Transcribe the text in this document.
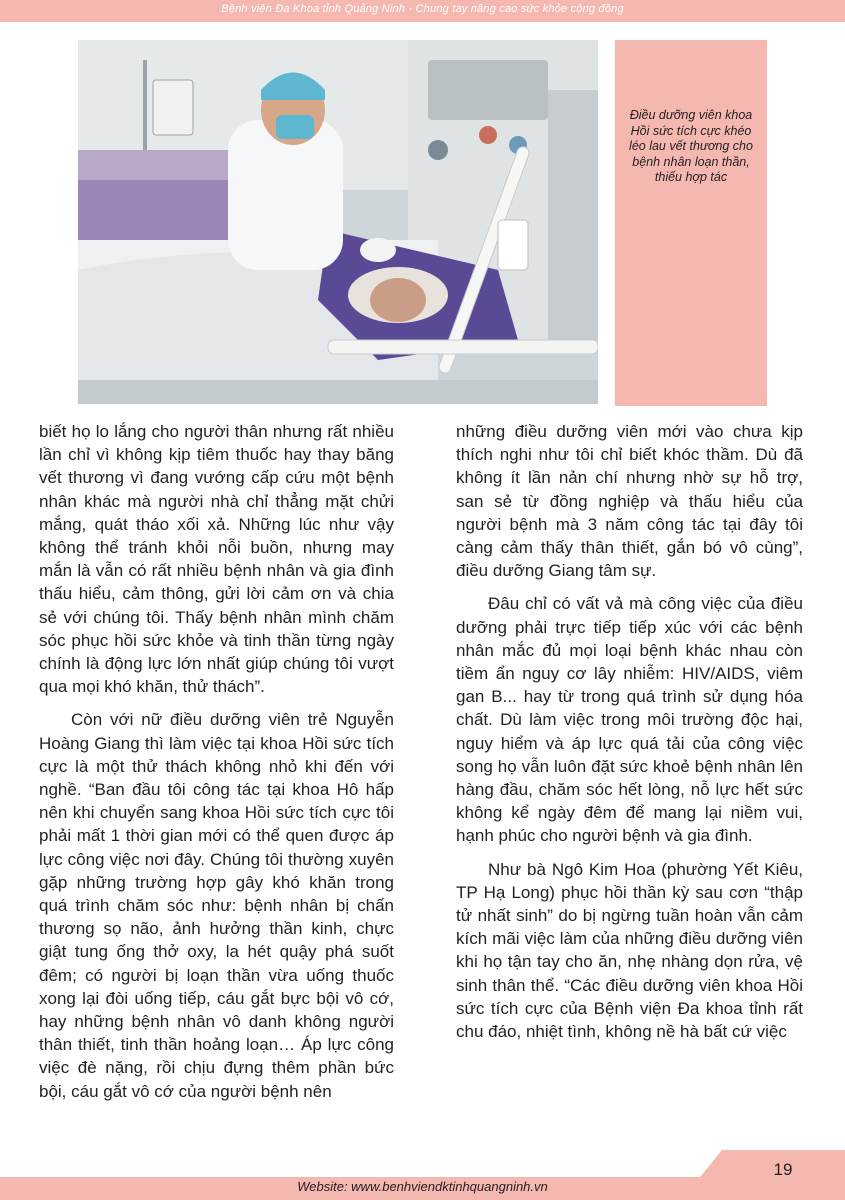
Bệnh viện Đa Khoa tỉnh Quảng Ninh - Chung tay nâng cao sức khỏe cộng đồng
Điều dưỡng viên khoa Hồi sức tích cực khéo léo lau vết thương cho bệnh nhân loạn thần, thiếu hợp tác

biết họ lo lắng cho người thân nhưng rất nhiều lần chỉ vì không kịp tiêm thuốc hay thay băng vết thương vì đang vướng cấp cứu một bệnh nhân khác mà người nhà chỉ thẳng mặt chửi mắng, quát tháo xối xả. Những lúc như vậy không thể tránh khỏi nỗi buồn, nhưng may mắn là vẫn có rất nhiều bệnh nhân và gia đình thấu hiểu, cảm thông, gửi lời cảm ơn và chia sẻ với chúng tôi. Thấy bệnh nhân mình chăm sóc phục hồi sức khỏe và tinh thần từng ngày chính là động lực lớn nhất giúp chúng tôi vượt qua mọi khó khăn, thử thách”.

Còn với nữ điều dưỡng viên trẻ Nguyễn Hoàng Giang thì làm việc tại khoa Hồi sức tích cực là một thử thách không nhỏ khi đến với nghề. “Ban đầu tôi công tác tại khoa Hô hấp nên khi chuyển sang khoa Hồi sức tích cực tôi phải mất 1 thời gian mới có thể quen được áp lực công việc nơi đây. Chúng tôi thường xuyên gặp những trường hợp gây khó khăn trong quá trình chăm sóc như: bệnh nhân bị chấn thương sọ não, ảnh hưởng thần kinh, chực giật tung ống thở oxy, la hét quậy phá suốt đêm; có người bị loạn thần vừa uống thuốc xong lại đòi uống tiếp, cáu gắt bực bội vô cớ, hay những bệnh nhân vô danh không người thân thiết, tinh thần hoảng loạn… Áp lực công việc đè nặng, rồi chịu đựng thêm phần bức bội, cáu gắt vô cớ của người bệnh nên

những điều dưỡng viên mới vào chưa kịp thích nghi như tôi chỉ biết khóc thầm. Dù đã không ít lần nản chí nhưng nhờ sự hỗ trợ, san sẻ từ đồng nghiệp và thấu hiểu của người bệnh mà 3 năm công tác tại đây tôi càng cảm thấy thân thiết, gắn bó vô cùng”, điều dưỡng Giang tâm sự.

Đâu chỉ có vất vả mà công việc của điều dưỡng phải trực tiếp tiếp xúc với các bệnh nhân mắc đủ mọi loại bệnh khác nhau còn tiềm ẩn nguy cơ lây nhiễm: HIV/AIDS, viêm gan B... hay từ trong quá trình sử dụng hóa chất. Dù làm việc trong môi trường độc hại, nguy hiểm và áp lực quá tải của công việc song họ vẫn luôn đặt sức khoẻ bệnh nhân lên hàng đầu, chăm sóc hết lòng, nỗ lực hết sức không kể ngày đêm để mang lại niềm vui, hạnh phúc cho người bệnh và gia đình.

Như bà Ngô Kim Hoa (phường Yết Kiêu, TP Hạ Long) phục hồi thần kỳ sau cơn “thập tử nhất sinh” do bị ngừng tuần hoàn vẫn cảm kích mãi việc làm của những điều dưỡng viên khi họ tận tay cho ăn, nhẹ nhàng dọn rửa, vệ sinh thân thể. “Các điều dưỡng viên khoa Hồi sức tích cực của Bệnh viện Đa khoa tỉnh rất chu đáo, nhiệt tình, không nề hà bất cứ việc

19
Website: www.benhviendktinhquangninh.vn
